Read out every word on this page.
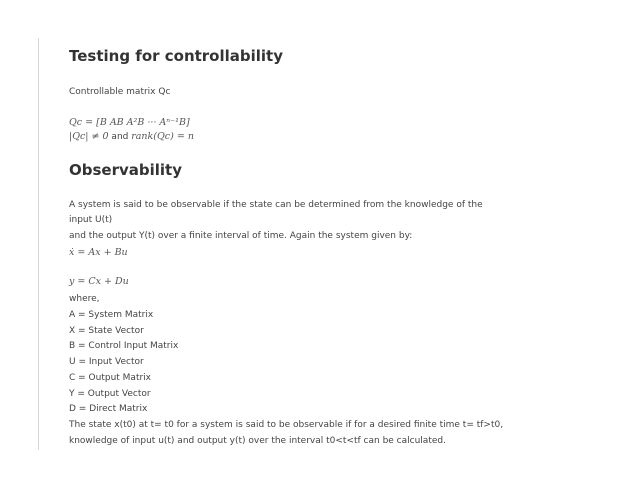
Testing for controllability
Controllable matrix Qc
Qc = [B AB A²B ··· Aⁿ⁻¹B]
|Qc| ≠ 0 and rank(Qc) = n
Observability
A system is said to be observable if the state can be determined from the knowledge of the
input U(t)
and the output Y(t) over a finite interval of time. Again the system given by:
ẋ = Ax + Bu
y = Cx + Du
where,
A = System Matrix
X = State Vector
B = Control Input Matrix
U = Input Vector
C = Output Matrix
Y = Output Vector
D = Direct Matrix
The state x(t0) at t= t0 for a system is said to be observable if for a desired finite time t= tf>t0,
knowledge of input u(t) and output y(t) over the interval t0<t<tf can be calculated.
